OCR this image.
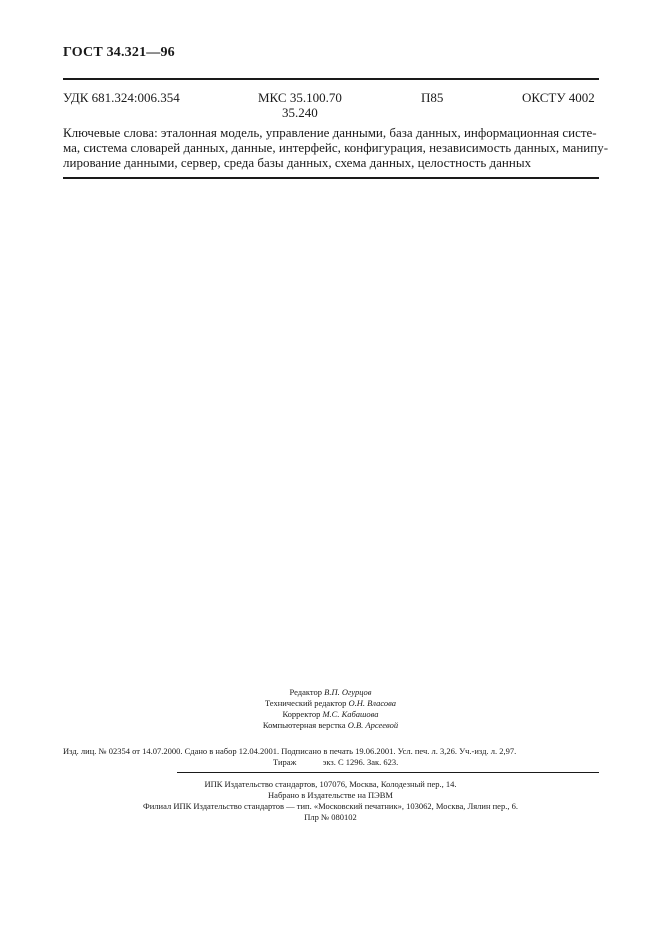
ГОСТ 34.321—96
УДК 681.324:006.354	МКС 35.100.70
35.240
П85	ОКСТУ 4002
Ключевые слова: эталонная модель, управление данными, база данных, информационная систе-
ма, система словарей данных, данные, интерфейс, конфигурация, независимость данных, манипу-
лирование данными, сервер, среда базы данных, схема данных, целостность данных
Редактор В.П. Огурцов
Технический редактор О.Н. Власова
Корректор М.С. Кабашова
Компьютерная верстка О.В. Арсеевой
Изд. лиц. № 02354 от 14.07.2000. Сдано в набор 12.04.2001. Подписано в печать 19.06.2001. Усл. печ. л. 3,26. Уч.-изд. л. 2,97.
Тираж	экз. С 1296. Зак. 623.
ИПК Издательство стандартов, 107076, Москва, Колодезный пер., 14.
Набрано в Издательстве на ПЭВМ
Филиал ИПК Издательство стандартов — тип. «Московский печатник», 103062, Москва, Лялин пер., 6.
Плр № 080102
